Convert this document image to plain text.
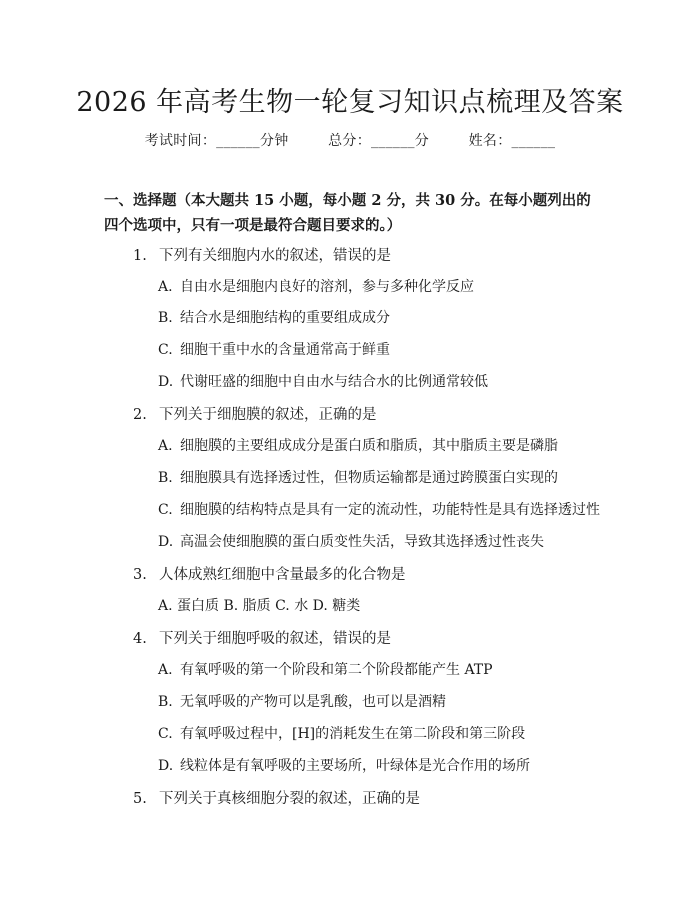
2026 年高考生物一轮复习知识点梳理及答案
考试时间：______分钟	总分：______分	姓名：______
一、选择题（本大题共 15 小题，每小题 2 分，共 30 分。在每小题列出的四个选项中，只有一项是最符合题目要求的。）
1. 下列有关细胞内水的叙述，错误的是
A. 自由水是细胞内良好的溶剂，参与多种化学反应
B. 结合水是细胞结构的重要组成成分
C. 细胞干重中水的含量通常高于鲜重
D. 代谢旺盛的细胞中自由水与结合水的比例通常较低
2. 下列关于细胞膜的叙述，正确的是
A. 细胞膜的主要组成成分是蛋白质和脂质，其中脂质主要是磷脂
B. 细胞膜具有选择透过性，但物质运输都是通过跨膜蛋白实现的
C. 细胞膜的结构特点是具有一定的流动性，功能特性是具有选择透过性
D. 高温会使细胞膜的蛋白质变性失活，导致其选择透过性丧失
3. 人体成熟红细胞中含量最多的化合物是
A. 蛋白质 B. 脂质 C. 水 D. 糖类
4. 下列关于细胞呼吸的叙述，错误的是
A. 有氧呼吸的第一个阶段和第二个阶段都能产生 ATP
B. 无氧呼吸的产物可以是乳酸，也可以是酒精
C. 有氧呼吸过程中，[H]的消耗发生在第二阶段和第三阶段
D. 线粒体是有氧呼吸的主要场所，叶绿体是光合作用的场所
5. 下列关于真核细胞分裂的叙述，正确的是
